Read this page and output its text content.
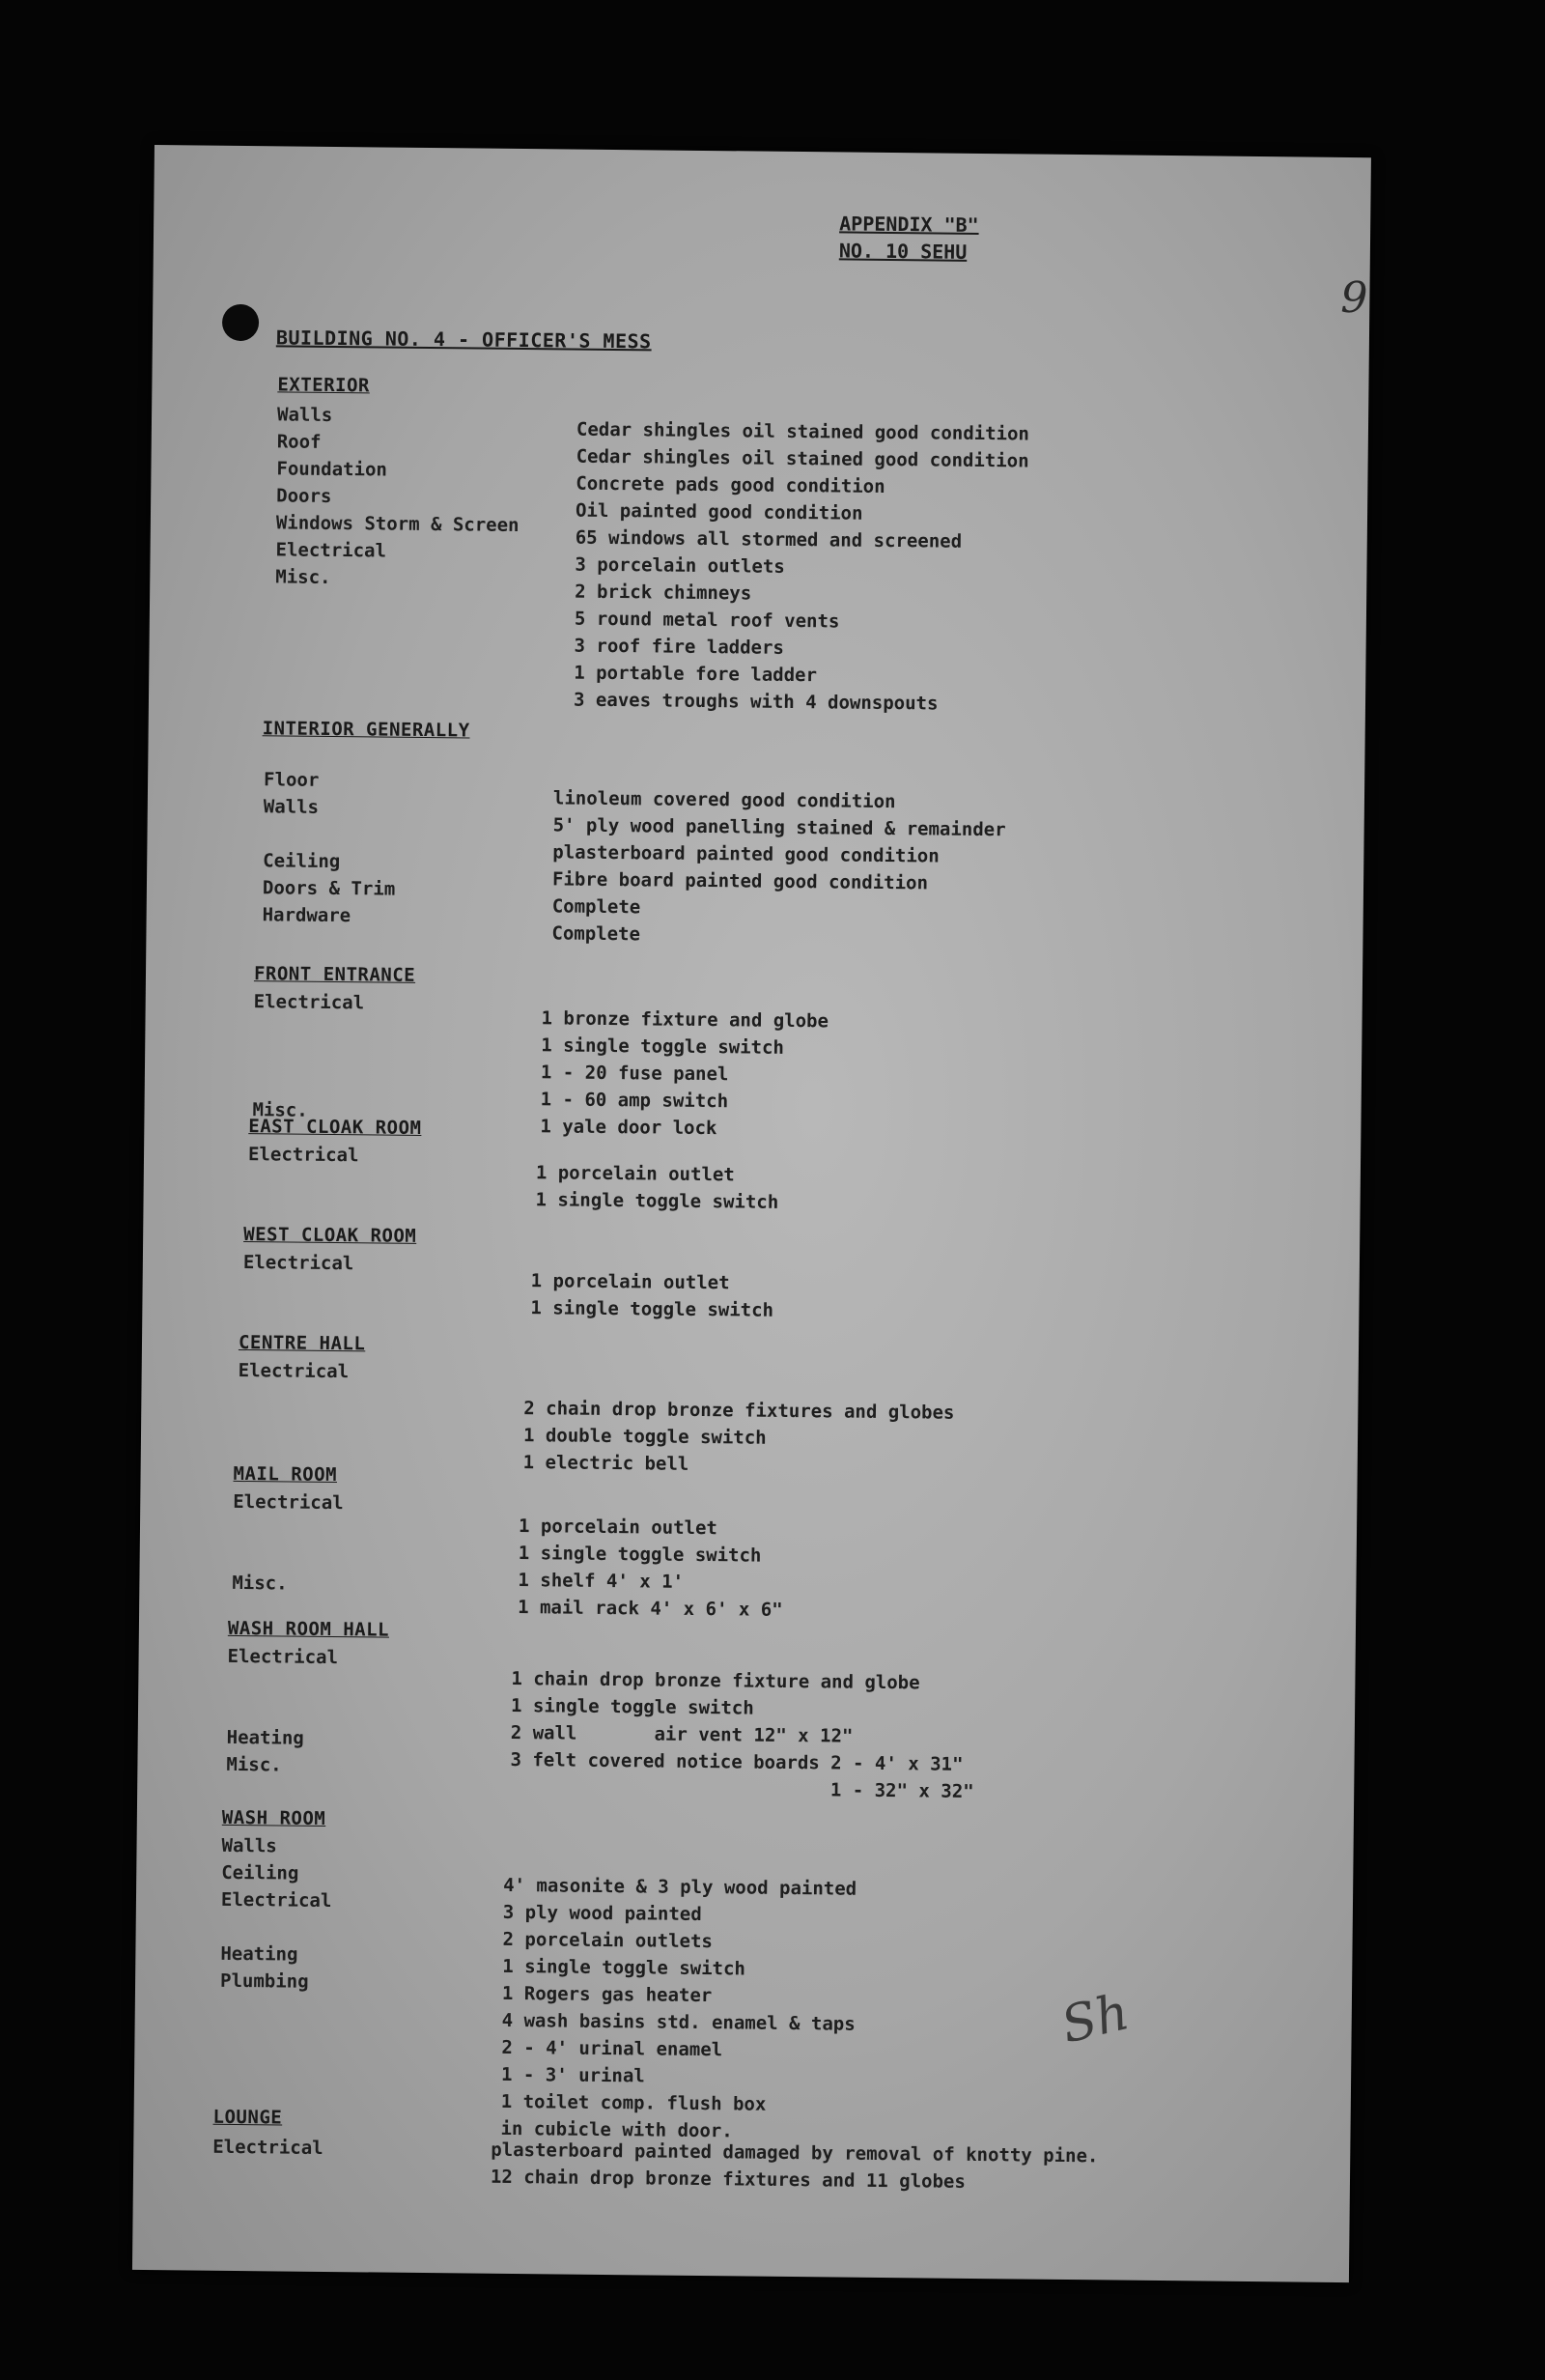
APPENDIX "B"
NO. 10 SEHU
9
BUILDING NO. 4 - OFFICER'S MESS
EXTERIOR
Walls
Roof
Foundation
Doors
Windows Storm & Screen
Electrical
Misc.
Cedar shingles oil stained good condition
Cedar shingles oil stained good condition
Concrete pads good condition
Oil painted good condition
65 windows all stormed and screened
3 porcelain outlets
2 brick chimneys
5 round metal roof vents
3 roof fire ladders
1 portable fore ladder
3 eaves troughs with 4 downspouts
INTERIOR GENERALLY
Floor
Walls

Ceiling
Doors & Trim
Hardware
linoleum covered good condition
5' ply wood panelling stained & remainder
plasterboard painted good condition
Fibre board painted good condition
Complete
Complete
FRONT ENTRANCE
Electrical

Misc.
1 bronze fixture and globe
1 single toggle switch
1 - 20 fuse panel
1 - 60 amp switch
1 yale door lock
EAST CLOAK ROOM
Electrical
1 porcelain outlet
1 single toggle switch
WEST CLOAK ROOM
Electrical
1 porcelain outlet
1 single toggle switch
CENTRE HALL
Electrical
2 chain drop bronze fixtures and globes
1 double toggle switch
1 electric bell
MAIL ROOM
Electrical

Misc.
1 porcelain outlet
1 single toggle switch
1 shelf 4' x 1'
1 mail rack 4' x 6' x 6"
WASH ROOM HALL
Electrical

Heating
Misc.
1 chain drop bronze fixture and globe
1 single toggle switch
2 wall       air vent 12" x 12"
3 felt covered notice boards 2 - 4' x 31"
1 - 32" x 32"
WASH ROOM
Walls
Ceiling
Electrical

Heating
Plumbing
4' masonite & 3 ply wood painted
3 ply wood painted
2 porcelain outlets
1 single toggle switch
1 Rogers gas heater
4 wash basins std. enamel & taps
2 - 4' urinal enamel
1 - 3' urinal
1 toilet comp. flush box
in cubicle with door.
LOUNGE
Electrical	plasterboard painted damaged by removal of knotty pine.
12 chain drop bronze fixtures and 11 globes
Sh
